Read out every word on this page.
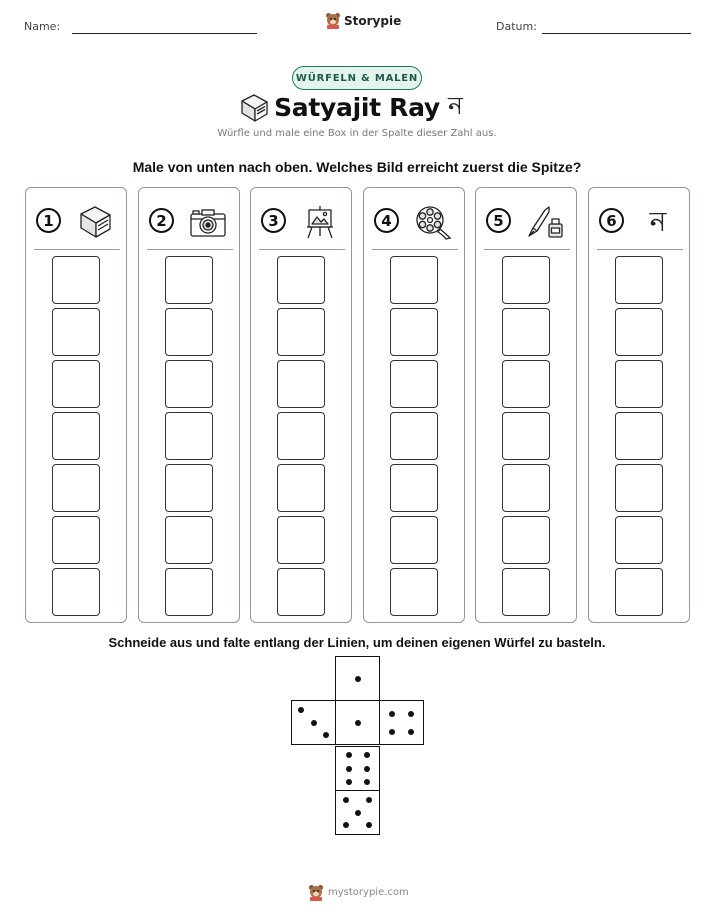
Name:	Storypie	Datum:
WÜRFELN & MALEN
Satyajit Ray ন
Würfle und male eine Box in der Spalte dieser Zahl aus.
Male von unten nach oben. Welches Bild erreicht zuerst die Spitze?
1	2	3	4	5	6 ন
Schneide aus und falte entlang der Linien, um deinen eigenen Würfel zu basteln.
mystorypie.com
